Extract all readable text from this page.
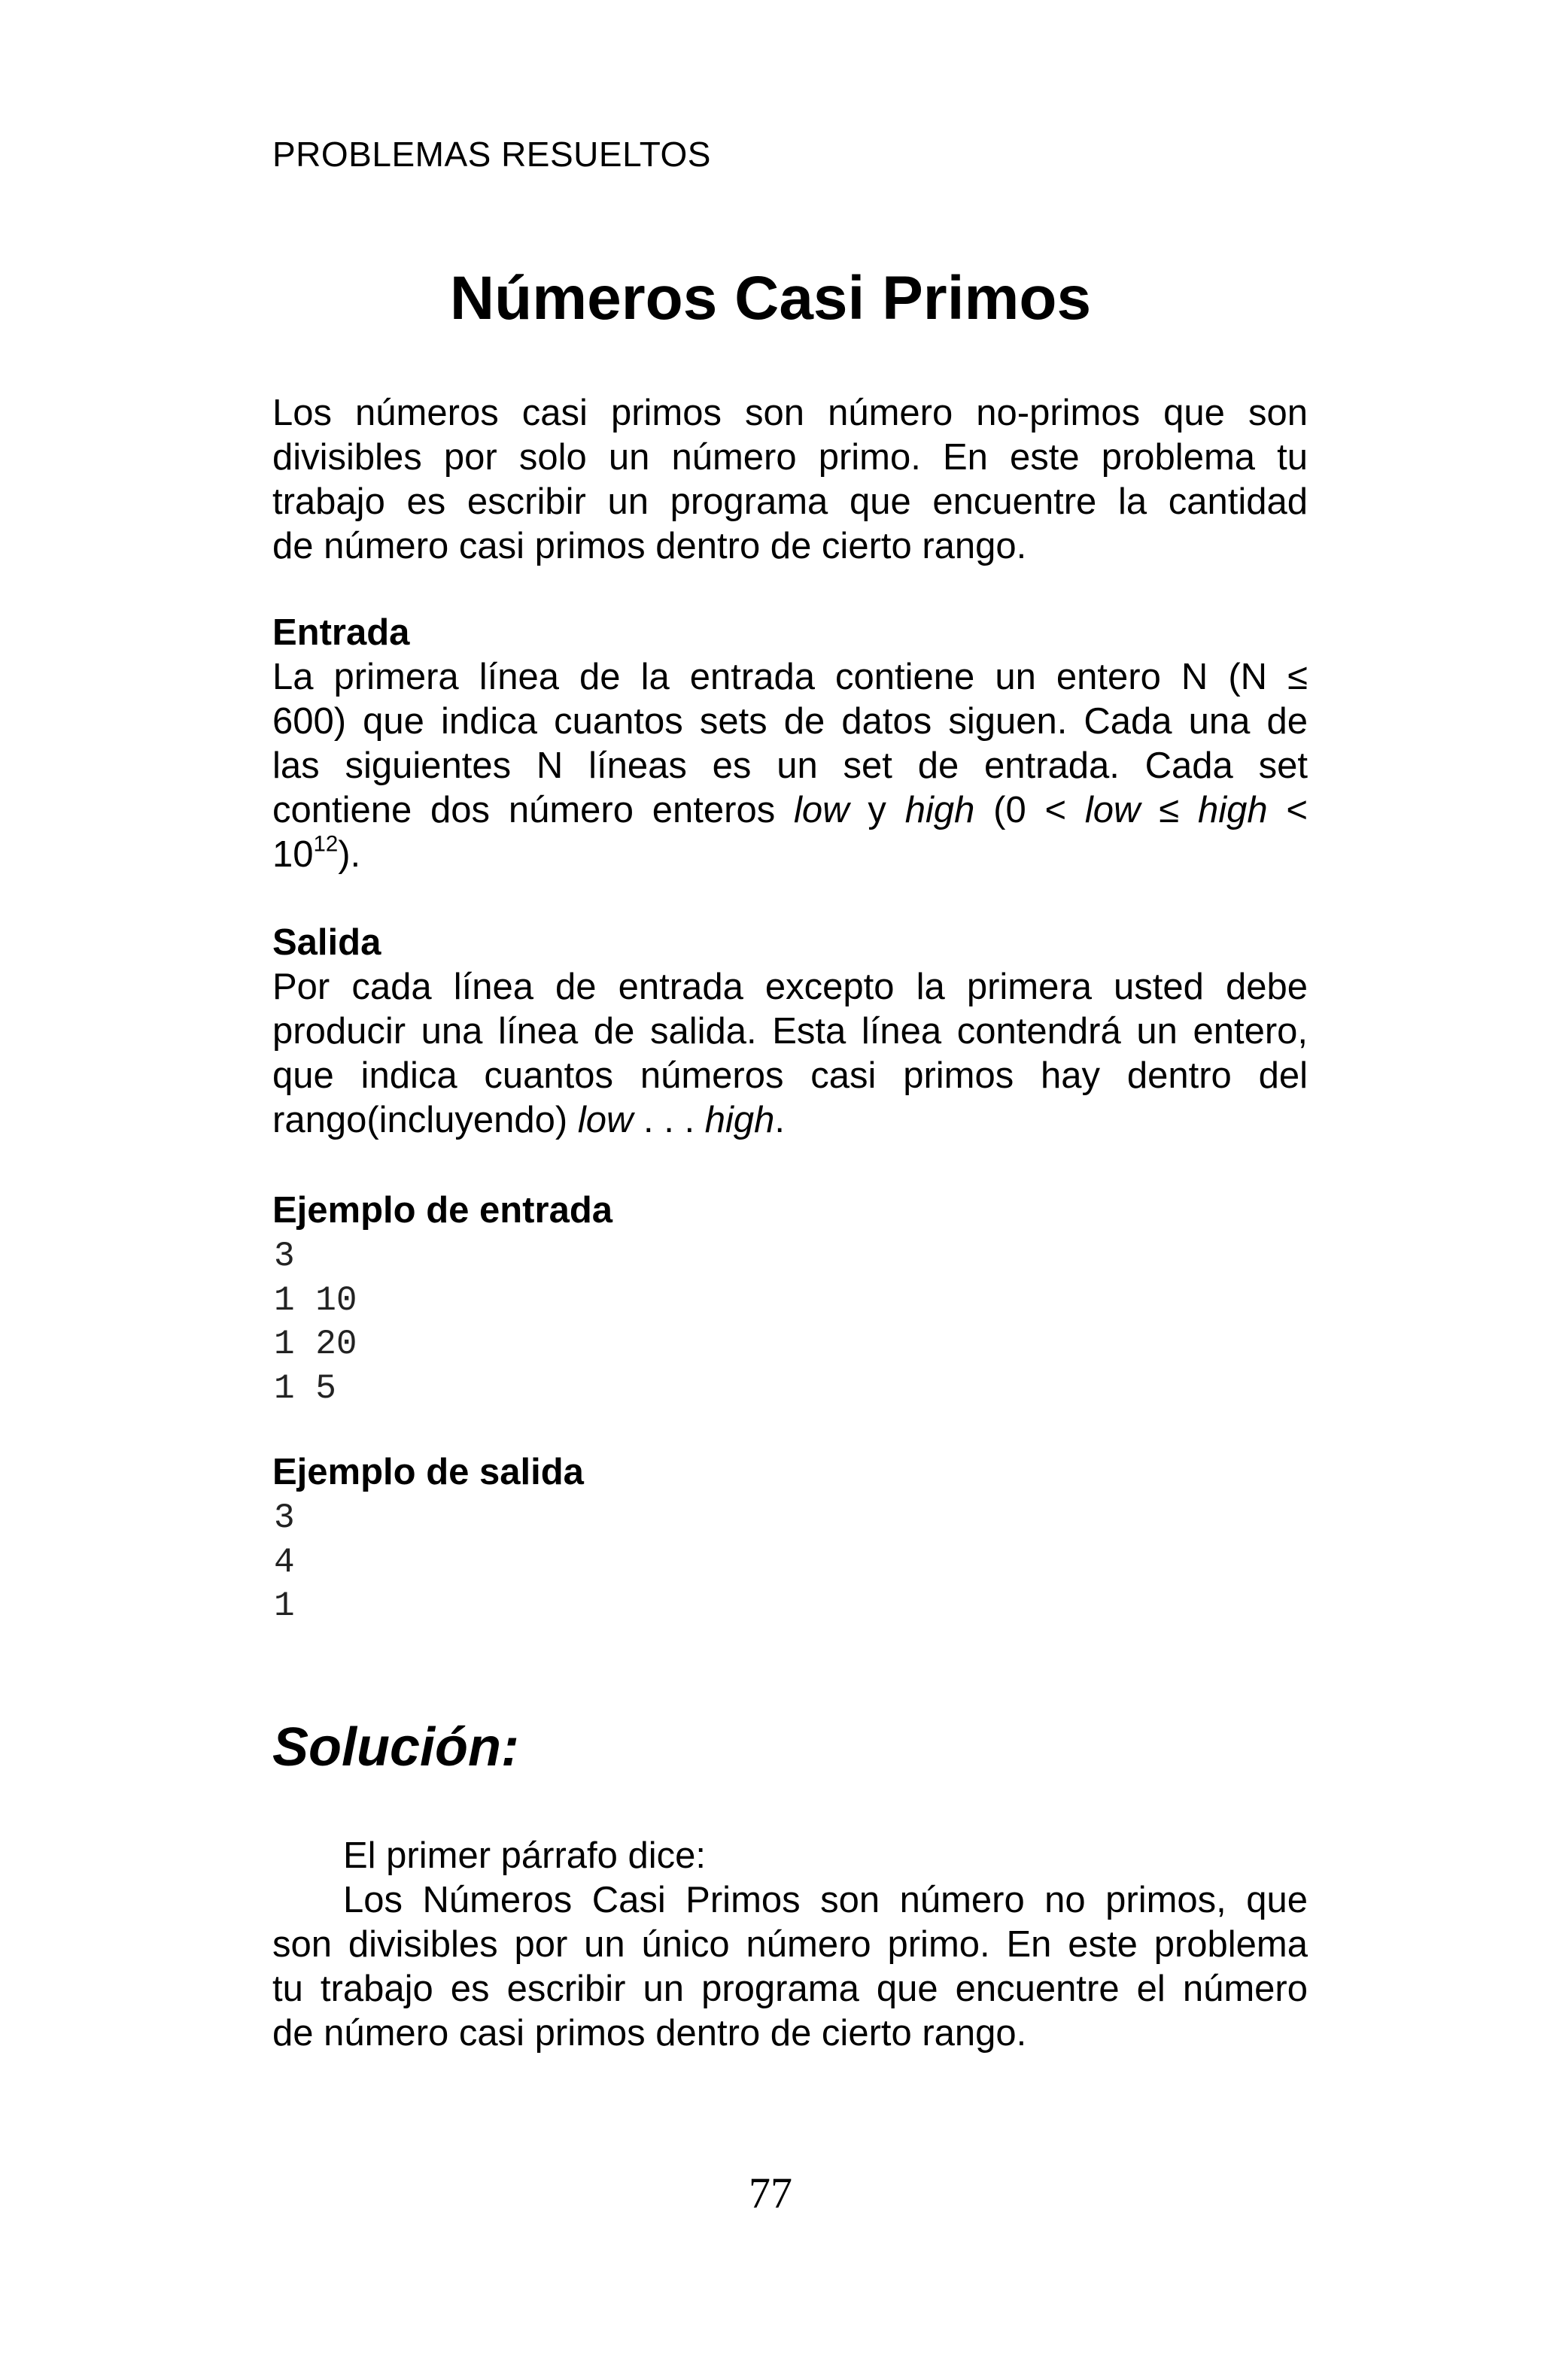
PROBLEMAS RESUELTOS
Números Casi Primos
Los números casi primos son número no-primos que son
divisibles por solo un número primo. En este problema tu
trabajo es escribir un programa que encuentre la cantidad
de número casi primos dentro de cierto rango.
Entrada
La primera línea de la entrada contiene un entero N (N ≤
600) que indica cuantos sets de datos siguen. Cada una de
las siguientes N líneas es un set de entrada. Cada set
contiene dos número enteros low y high (0 < low ≤ high <
$10^{12}$).
Salida
Por cada línea de entrada excepto la primera usted debe
producir una línea de salida. Esta línea contendrá un entero,
que indica cuantos números casi primos hay dentro del
rango(incluyendo) low . . . high.
Ejemplo de entrada
3
1 10
1 20
1 5
Ejemplo de salida
3
4
1
Solución:
El primer párrafo dice:
Los Números Casi Primos son número no primos, que
son divisibles por un único número primo. En este problema
tu trabajo es escribir un programa que encuentre el número
de número casi primos dentro de cierto rango.
77
